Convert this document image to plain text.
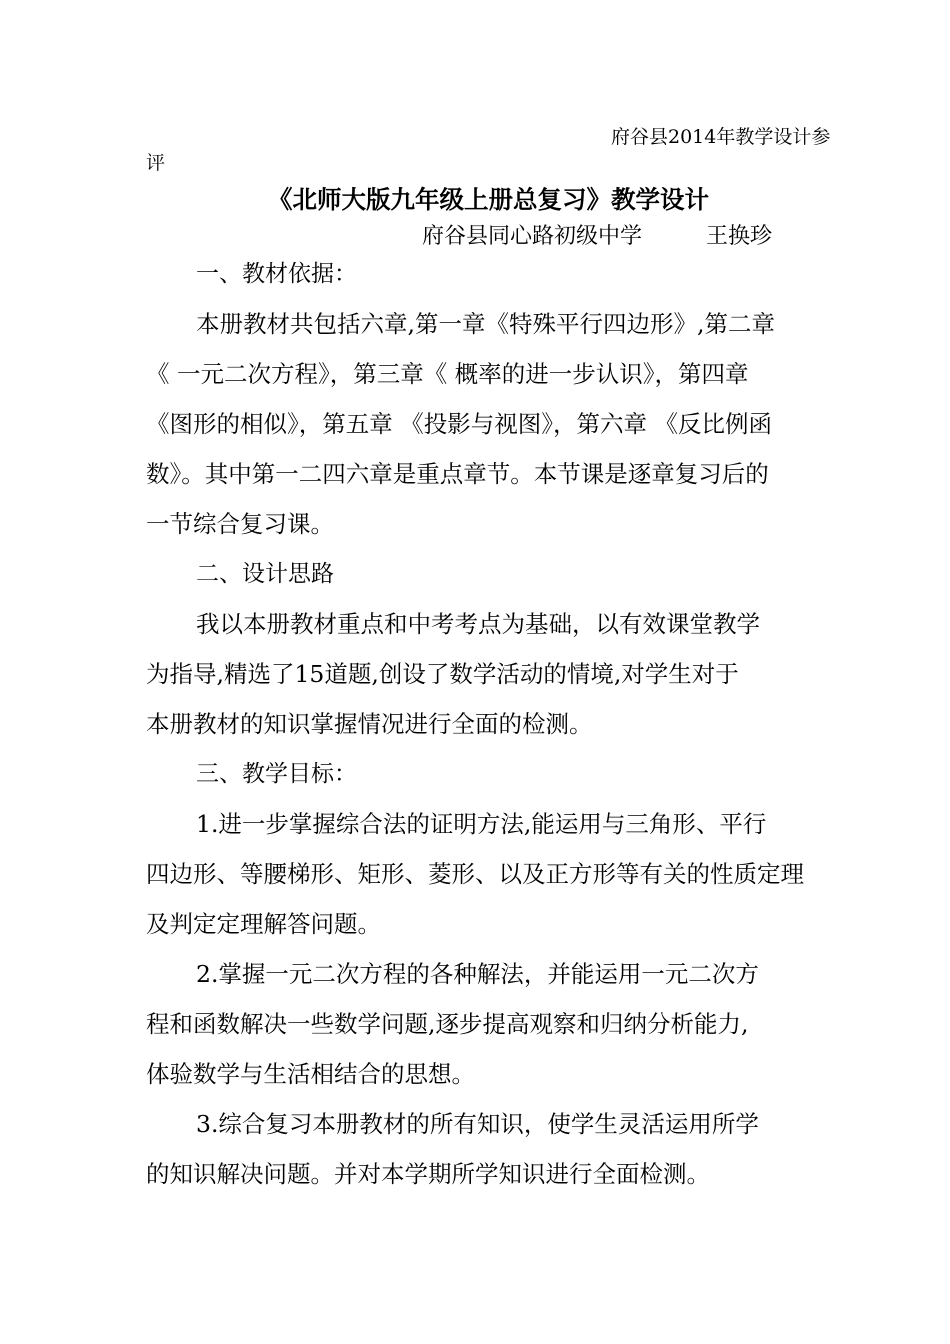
府谷县2014年教学设计参
评
《北师大版九年级上册总复习》教学设计
府谷县同心路初级中学	王换珍
一、教材依据：
本册教材共包括六章,第一章《特殊平行四边形》,第二章
《 一元二次方程》，第三章《 概率的进一步认识》，第四章
《图形的相似》，第五章 《投影与视图》，第六章 《反比例函
数》。其中第一二四六章是重点章节。本节课是逐章复习后的
一节综合复习课。
二、设计思路
我以本册教材重点和中考考点为基础，以有效课堂教学
为指导,精选了15道题,创设了数学活动的情境,对学生对于
本册教材的知识掌握情况进行全面的检测。
三、教学目标：
1.进一步掌握综合法的证明方法,能运用与三角形、平行
四边形、等腰梯形、矩形、菱形、以及正方形等有关的性质定理
及判定定理解答问题。
2.掌握一元二次方程的各种解法，并能运用一元二次方
程和函数解决一些数学问题,逐步提高观察和归纳分析能力,
体验数学与生活相结合的思想。
3.综合复习本册教材的所有知识，使学生灵活运用所学
的知识解决问题。并对本学期所学知识进行全面检测。
